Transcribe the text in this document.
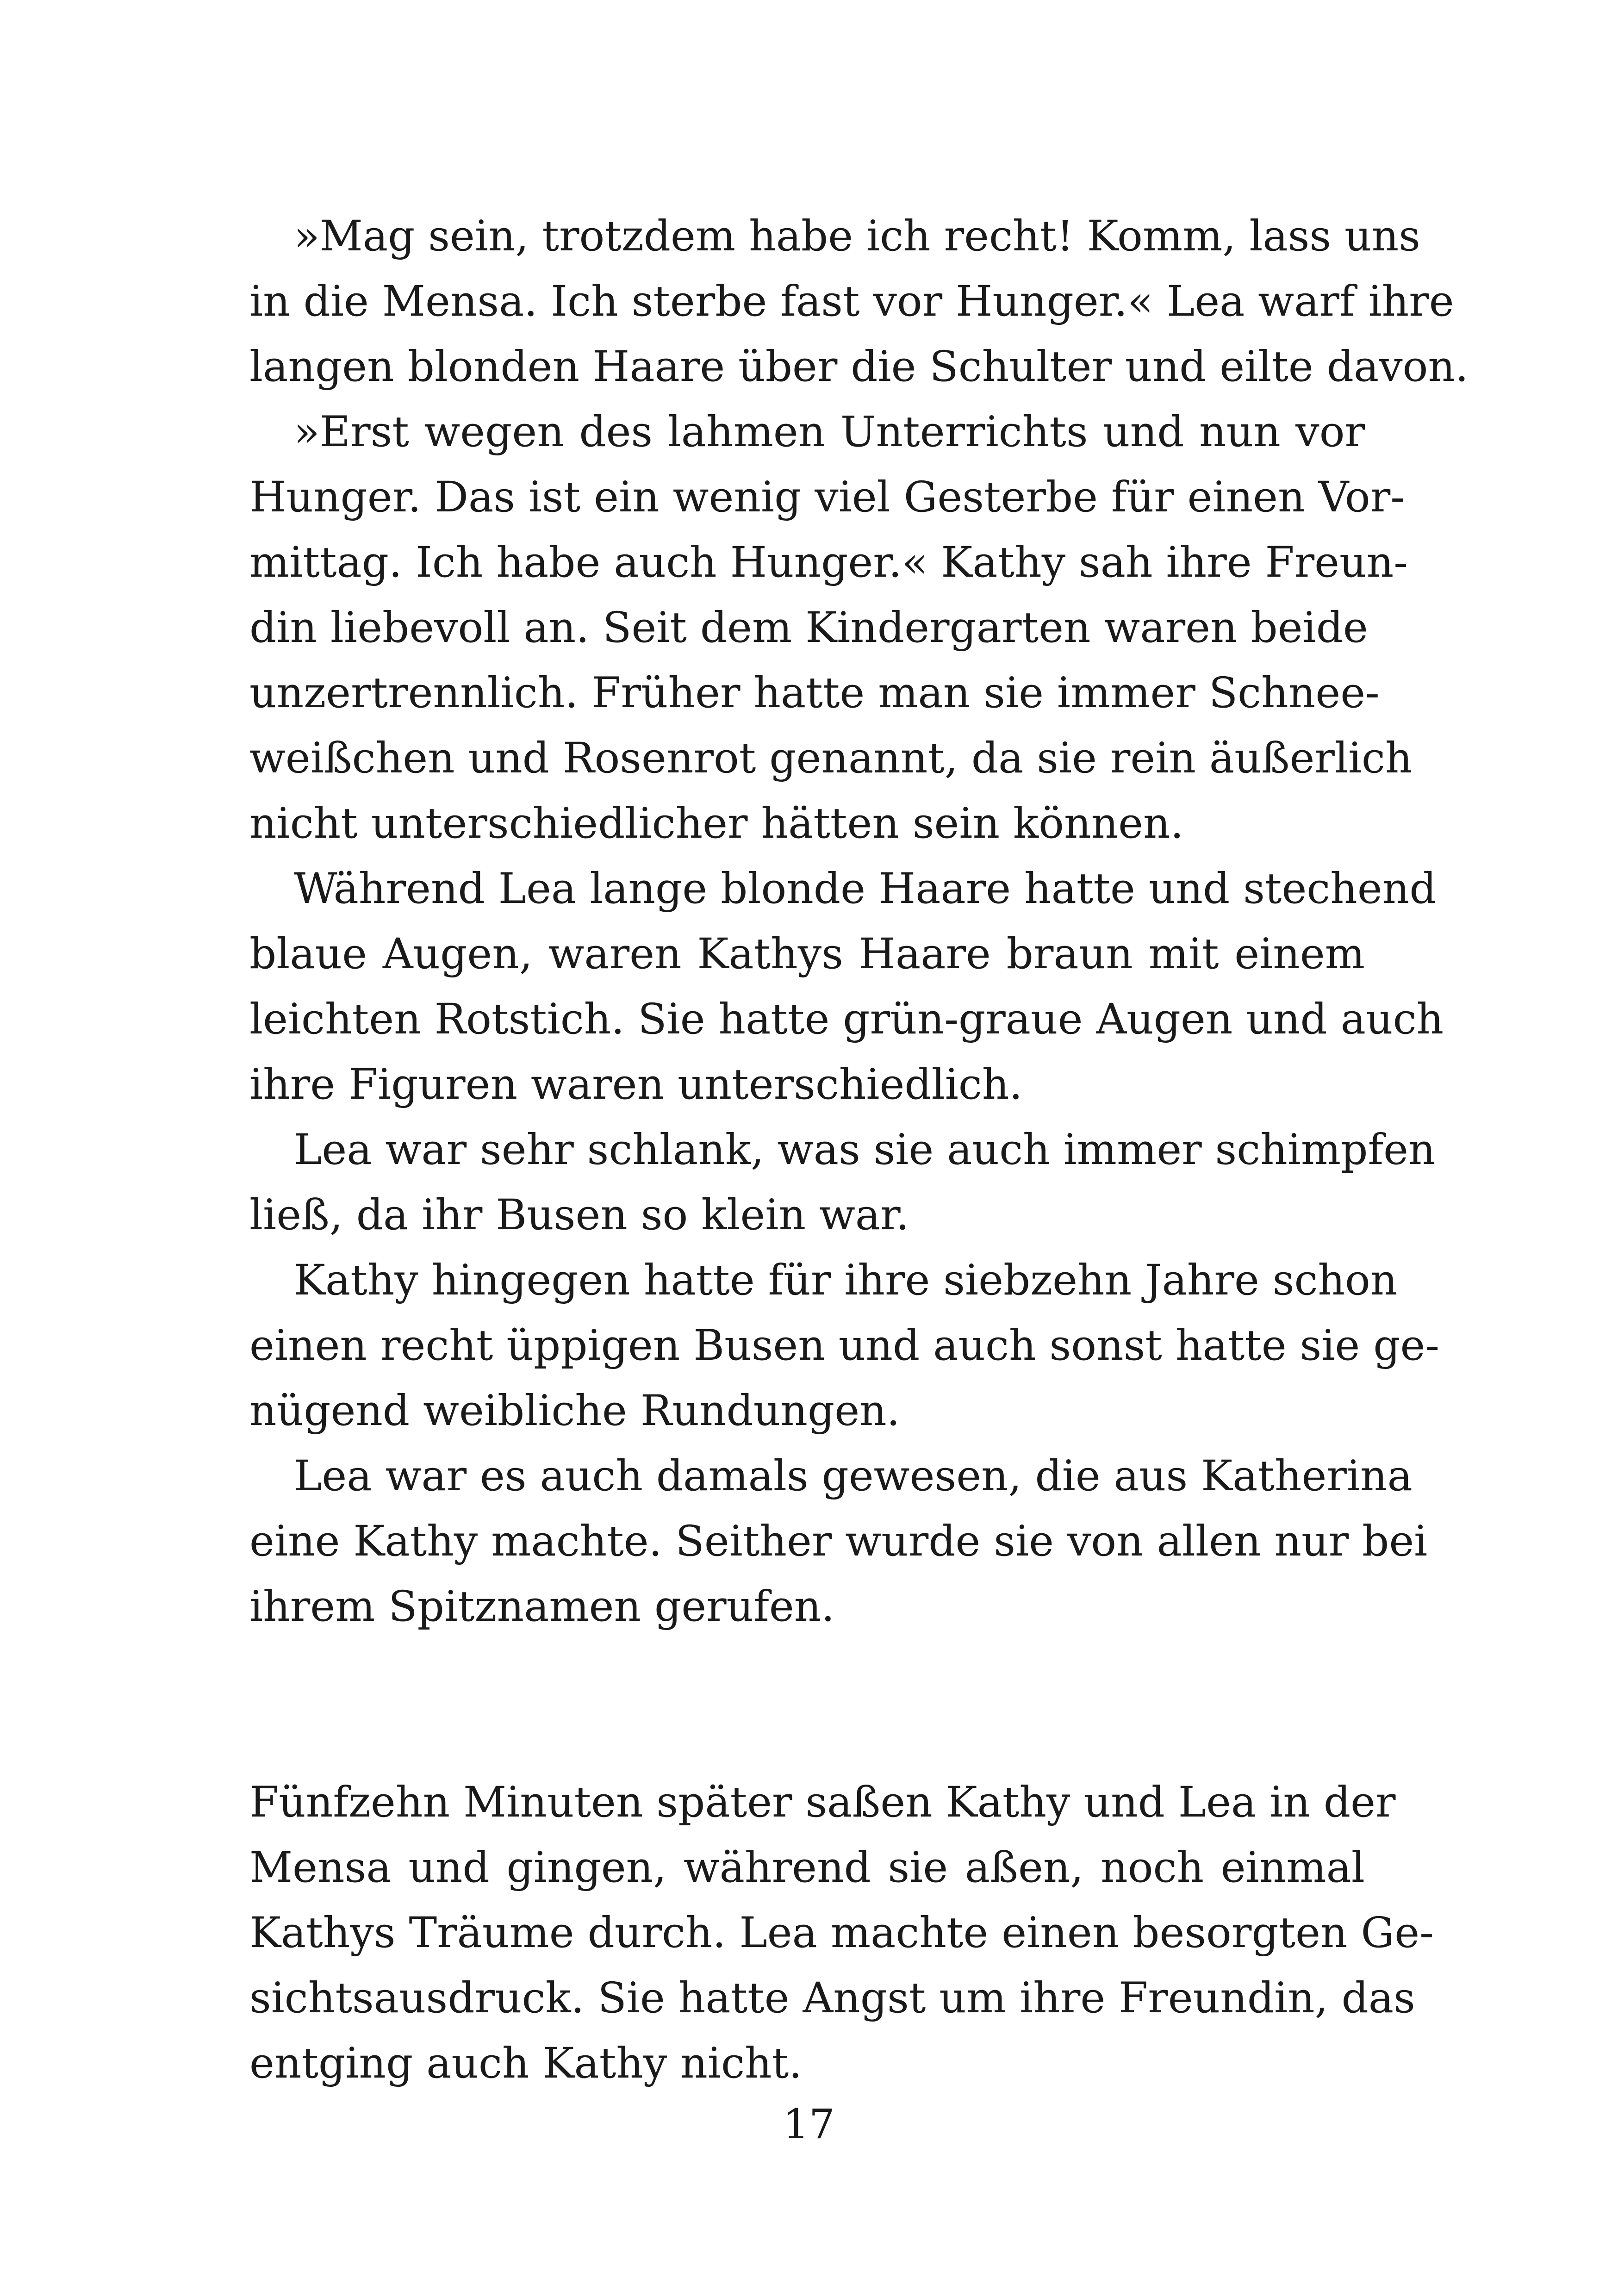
»Mag sein, trotzdem habe ich recht! Komm, lass uns
in die Mensa. Ich sterbe fast vor Hunger.« Lea warf ihre
langen blonden Haare über die Schulter und eilte davon.
»Erst wegen des lahmen Unterrichts und nun vor
Hunger. Das ist ein wenig viel Gesterbe für einen Vor-
mittag. Ich habe auch Hunger.« Kathy sah ihre Freun-
din liebevoll an. Seit dem Kindergarten waren beide
unzertrennlich. Früher hatte man sie immer Schnee-
weißchen und Rosenrot genannt, da sie rein äußerlich
nicht unterschiedlicher hätten sein können.
Während Lea lange blonde Haare hatte und stechend
blaue Augen, waren Kathys Haare braun mit einem
leichten Rotstich. Sie hatte grün-graue Augen und auch
ihre Figuren waren unterschiedlich.
Lea war sehr schlank, was sie auch immer schimpfen
ließ, da ihr Busen so klein war.
Kathy hingegen hatte für ihre siebzehn Jahre schon
einen recht üppigen Busen und auch sonst hatte sie ge-
nügend weibliche Rundungen.
Lea war es auch damals gewesen, die aus Katherina
eine Kathy machte. Seither wurde sie von allen nur bei
ihrem Spitznamen gerufen.
Fünfzehn Minuten später saßen Kathy und Lea in der
Mensa und gingen, während sie aßen, noch einmal
Kathys Träume durch. Lea machte einen besorgten Ge-
sichtsausdruck. Sie hatte Angst um ihre Freundin, das
entging auch Kathy nicht.
17
